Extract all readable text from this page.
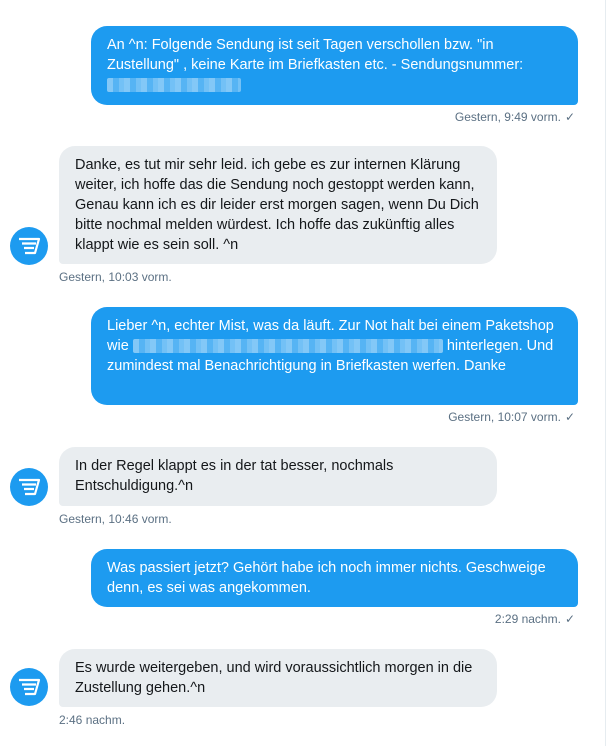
An ^n: Folgende Sendung ist seit Tagen verschollen bzw. "in Zustellung" , keine Karte im Briefkasten etc. - Sendungsnummer:

Gestern, 9:49 vorm. ✓
Danke, es tut mir sehr leid. ich gebe es zur internen Klärung weiter, ich hoffe das die Sendung noch gestoppt werden kann, Genau kann ich es dir leider erst morgen sagen, wenn Du Dich bitte nochmal melden würdest. Ich hoffe das zukünftig alles klappt wie es sein soll. ^n
Gestern, 10:03 vorm.
Lieber ^n, echter Mist, was da läuft. Zur Not halt bei einem Paketshop wie	hinterlegen. Und zumindest mal Benachrichtigung in Briefkasten werfen. Danke
Gestern, 10:07 vorm. ✓
In der Regel klappt es in der tat besser, nochmals Entschuldigung.^n
Gestern, 10:46 vorm.
Was passiert jetzt? Gehört habe ich noch immer nichts. Geschweige denn, es sei was angekommen.
2:29 nachm. ✓
Es wurde weitergeben, und wird voraussichtlich morgen in die Zustellung gehen.^n
2:46 nachm.
